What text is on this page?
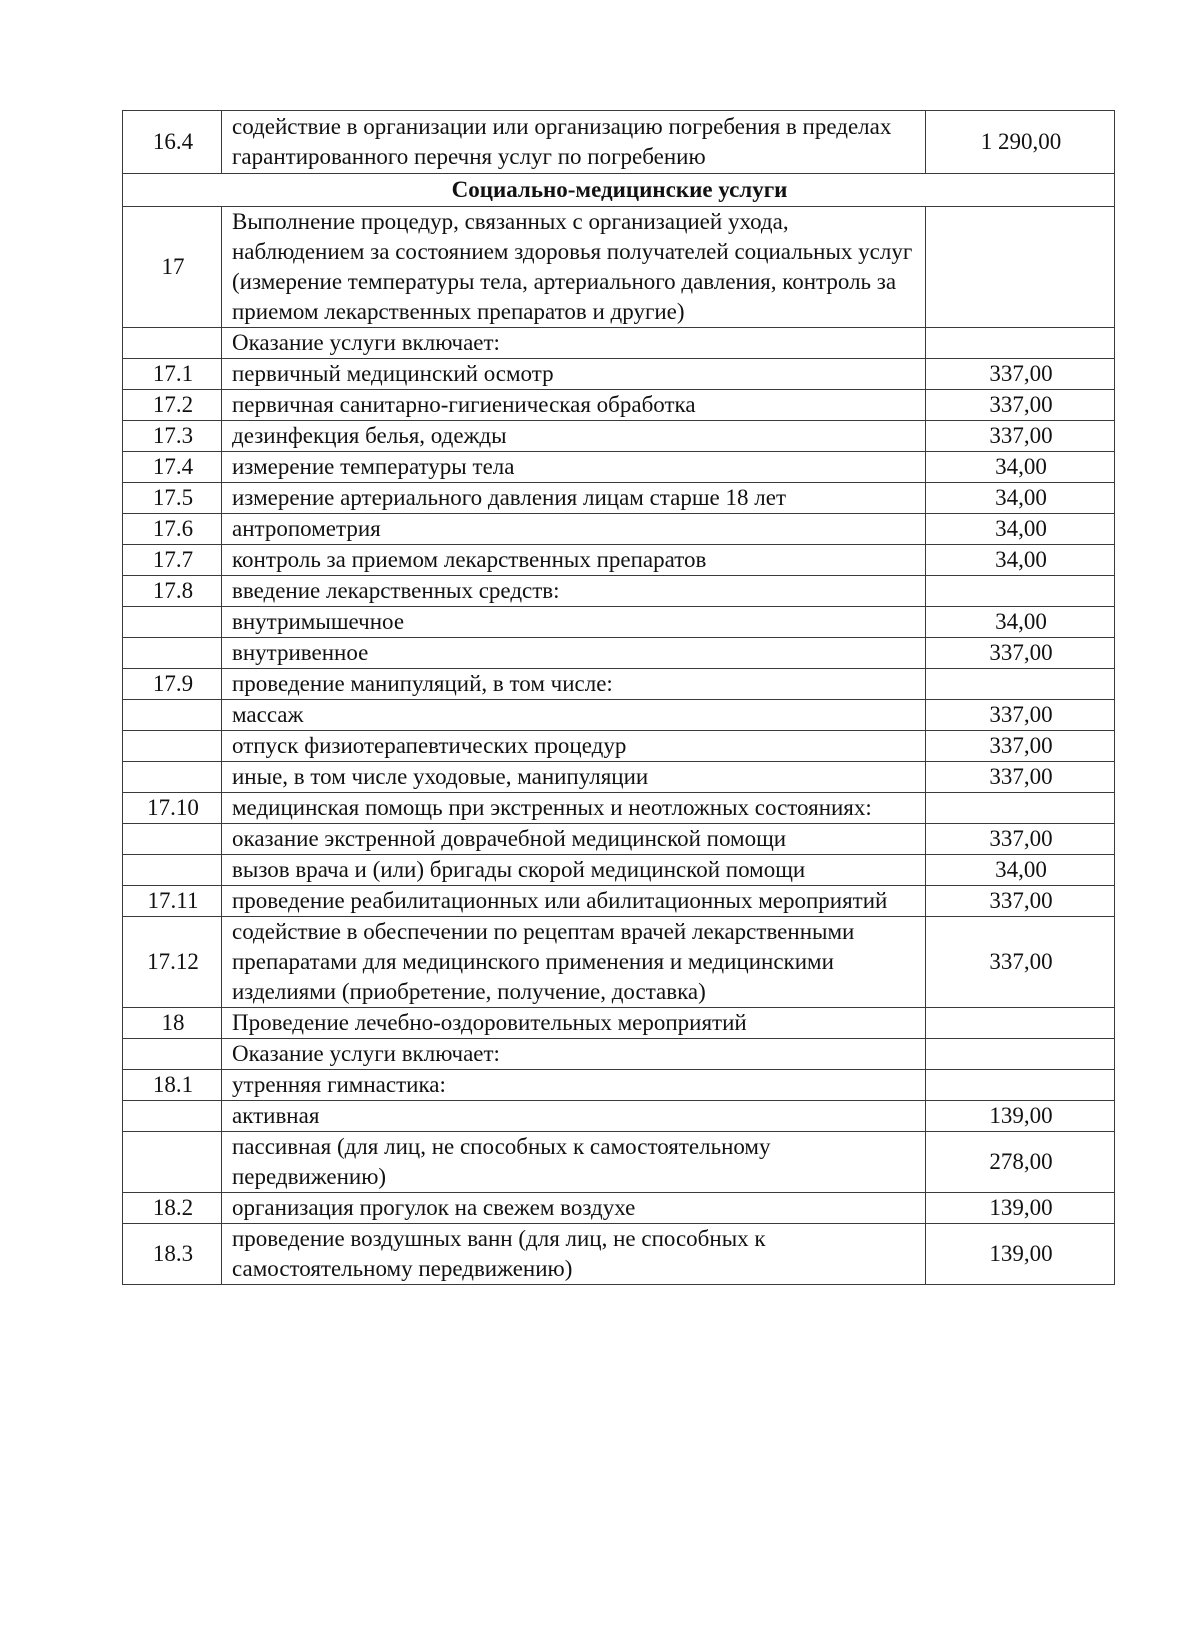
16.4	содействие в организации или организацию погребения в пределах гарантированного перечня услуг по погребению	1 290,00
Социально-медицинские услуги		
17	Выполнение процедур, связанных с организацией ухода, наблюдением за состоянием здоровья получателей социальных услуг (измерение температуры тела, артериального давления, контроль за приемом лекарственных препаратов и другие)	
	Оказание услуги включает:	
17.1	первичный медицинский осмотр	337,00
17.2	первичная санитарно-гигиеническая обработка	337,00
17.3	дезинфекция белья, одежды	337,00
17.4	измерение температуры тела	34,00
17.5	измерение артериального давления лицам старше 18 лет	34,00
17.6	антропометрия	34,00
17.7	контроль за приемом лекарственных препаратов	34,00
17.8	введение лекарственных средств:	
	внутримышечное	34,00
	внутривенное	337,00
17.9	проведение манипуляций, в том числе:	
	массаж	337,00
	отпуск физиотерапевтических процедур	337,00
	иные, в том числе уходовые, манипуляции	337,00
17.10	медицинская помощь при экстренных и неотложных состояниях:	
	оказание экстренной доврачебной медицинской помощи	337,00
	вызов врача и (или) бригады скорой медицинской помощи	34,00
17.11	проведение реабилитационных или абилитационных мероприятий	337,00
17.12	содействие в обеспечении по рецептам врачей лекарственными препаратами для медицинского применения и медицинскими изделиями (приобретение, получение, доставка)	337,00
18	Проведение лечебно-оздоровительных мероприятий	
	Оказание услуги включает:	
18.1	утренняя гимнастика:	
	активная	139,00
	пассивная (для лиц, не способных к самостоятельному передвижению)	278,00
18.2	организация прогулок на свежем воздухе	139,00
18.3	проведение воздушных ванн (для лиц, не способных к самостоятельному передвижению)	139,00
